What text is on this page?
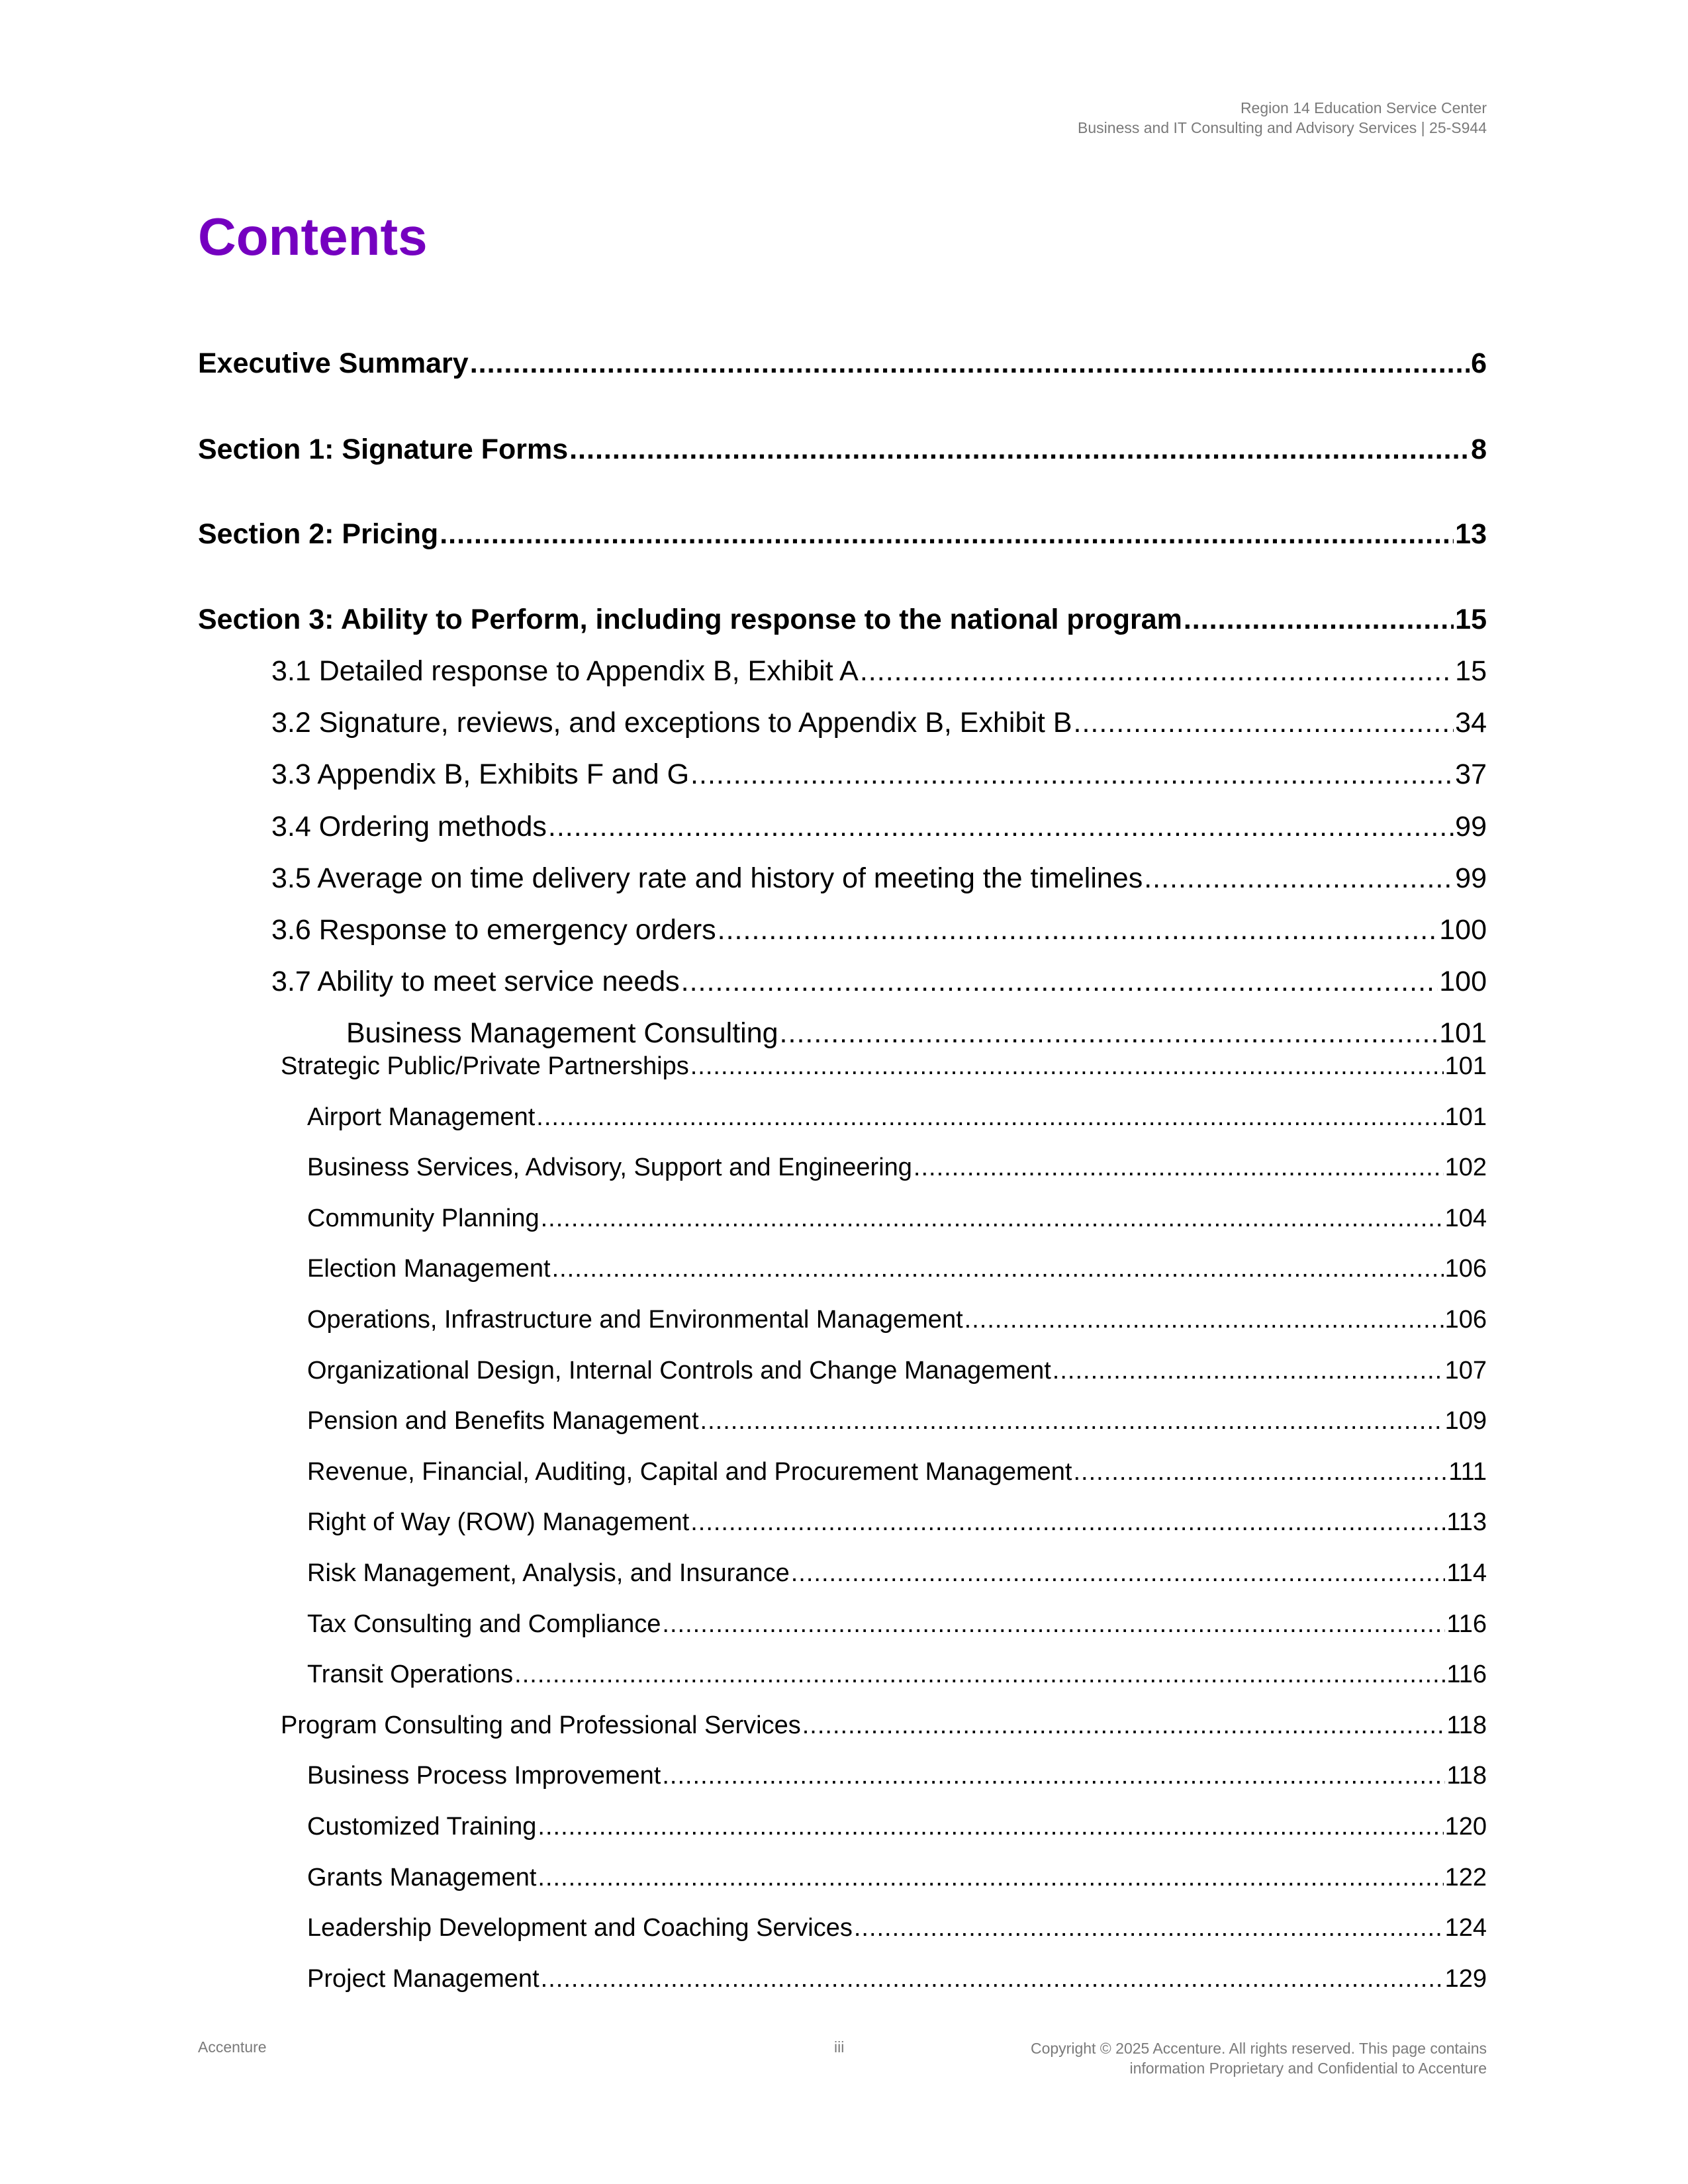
Region 14 Education Service Center
Business and IT Consulting and Advisory Services | 25-S944
Contents
Executive Summary .....	6
Section 1: Signature Forms .....	8
Section 2: Pricing .....	13
Section 3: Ability to Perform, including response to the national program .....	15
3.1 Detailed response to Appendix B, Exhibit A .....	15
3.2 Signature, reviews, and exceptions to Appendix B, Exhibit B .....	34
3.3 Appendix B, Exhibits F and G .....	37
3.4 Ordering methods .....	99
3.5 Average on time delivery rate and history of meeting the timelines .....	99
3.6 Response to emergency orders .....	100
3.7 Ability to meet service needs .....	100
Business Management Consulting .....	101
Strategic Public/Private Partnerships .....	101
Airport Management .....	101
Business Services, Advisory, Support and Engineering .....	102
Community Planning .....	104
Election Management .....	106
Operations, Infrastructure and Environmental Management .....	106
Organizational Design, Internal Controls and Change Management .....	107
Pension and Benefits Management .....	109
Revenue, Financial, Auditing, Capital and Procurement Management .....	111
Right of Way (ROW) Management .....	113
Risk Management, Analysis, and Insurance .....	114
Tax Consulting and Compliance .....	116
Transit Operations .....	116
Program Consulting and Professional Services .....	118
Business Process Improvement .....	118
Customized Training .....	120
Grants Management .....	122
Leadership Development and Coaching Services .....	124
Project Management .....	129
Accenture	iii	Copyright © 2025 Accenture. All rights reserved. This page contains
information Proprietary and Confidential to Accenture
